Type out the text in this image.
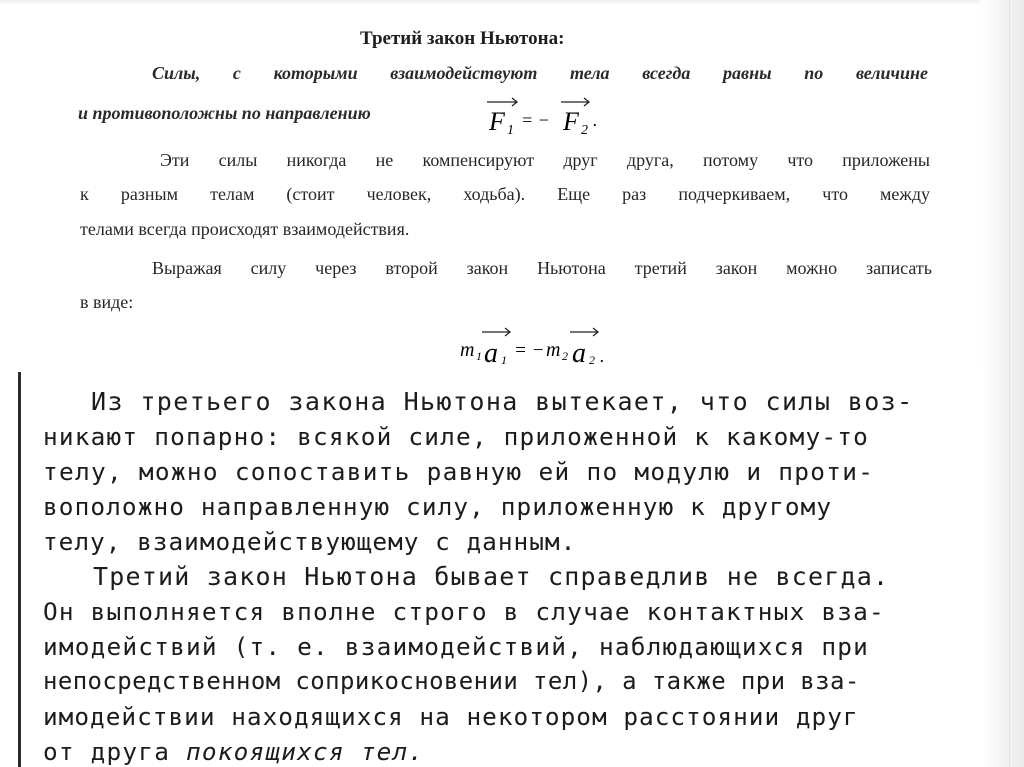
Третий закон Ньютона:
Силы, с которыми взаимодействуют тела всегда равны по величине
и противоположны по направлению	F 1
= − F 2
.
Эти силы никогда не компенсируют друг друга, потому что приложены
к разным телам (стоит человек, ходьба). Еще раз подчеркиваем, что между
телами всегда происходят взаимодействия.
Выражая силу через второй закон Ньютона третий закон можно записать
в виде:
m 1 a 1 = − m 2 a 2 .
Из третьего закона Ньютона вытекает, что силы воз-
никают попарно: всякой силе, приложенной к какому-то
телу, можно сопоставить равную ей по модулю и проти-
воположно направленную силу, приложенную к другому
телу, взаимодействующему с данным.
Третий закон Ньютона бывает справедлив не всегда.
Он выполняется вполне строго в случае контактных вза-
имодействий (т. е. взаимодействий, наблюдающихся при
непосредственном соприкосновении тел), а также при вза-
имодействии находящихся на некотором расстоянии друг
от друга покоящихся тел.
